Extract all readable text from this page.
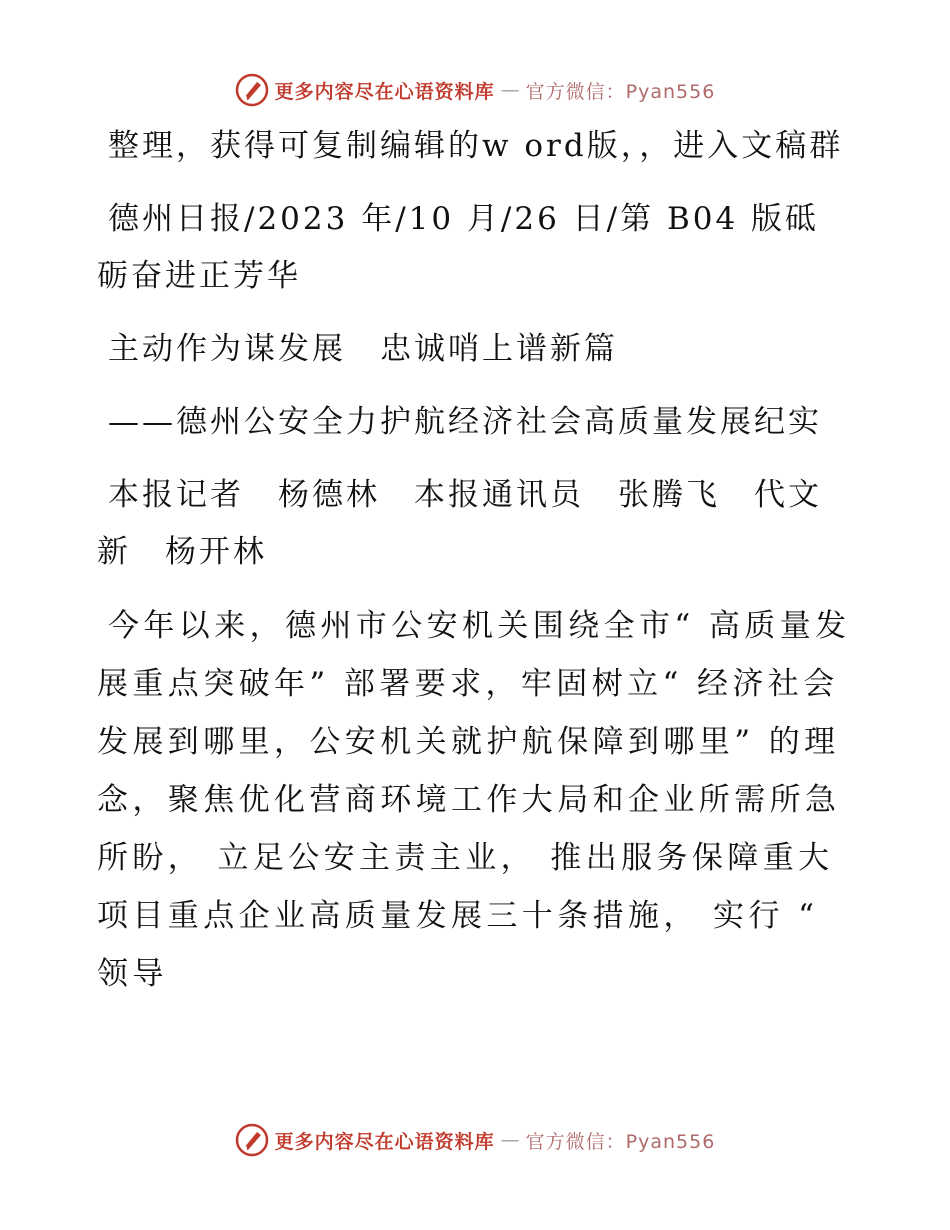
更多内容尽在心语资料库 — 官方微信：Pyan556

整理，获得可复制编辑的w ord版，，进入文稿群

德州日报/2023 年/10 月/26 日/第 B04 版砥砺奋进正芳华

主动作为谋发展　忠诚哨上谱新篇

——德州公安全力护航经济社会高质量发展纪实

本报记者　杨德林　本报通讯员　张腾飞　代文新　杨开林

今年以来，德州市公安机关围绕全市“ 高质量发展重点突破年” 部署要求，牢固树立“ 经济社会发展到哪里，公安机关就护航保障到哪里” 的理念，聚焦优化营商环境工作大局和企业所需所急所盼， 立足公安主责主业， 推出服务保障重大项目重点企业高质量发展三十条措施， 实行 “ 领导

更多内容尽在心语资料库 — 官方微信：Pyan556
